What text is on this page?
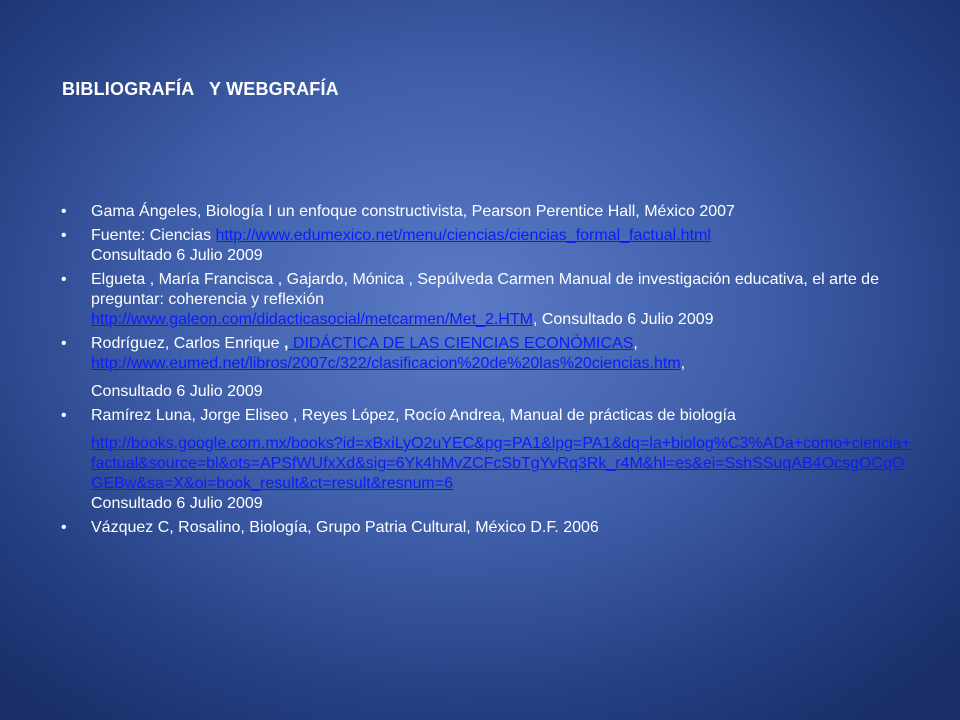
BIBLIOGRAFÍA   Y WEBGRAFÍA
• Gama Ángeles, Biología I un enfoque constructivista, Pearson Perentice Hall, México 2007
• Fuente: Ciencias http://www.edumexico.net/menu/ciencias/ciencias_formal_factual.html
Consultado 6 Julio 2009
• Elgueta , María Francisca , Gajardo, Mónica , Sepúlveda Carmen Manual de investigación educativa, el arte de preguntar: coherencia y reflexión
http://www.galeon.com/didacticasocial/metcarmen/Met_2.HTM, Consultado 6 Julio 2009
• Rodríguez, Carlos Enrique , DIDÁCTICA DE LAS CIENCIAS ECONÓMICAS,
http://www.eumed.net/libros/2007c/322/clasificacion%20de%20las%20ciencias.htm,
Consultado 6 Julio 2009
• Ramírez Luna, Jorge Eliseo , Reyes López, Rocío Andrea, Manual de prácticas de biología
http://books.google.com.mx/books?id=xBxiLyO2uYEC&pg=PA1&lpg=PA1&dq=la+biolog%C3%ADa+como+ciencia+factual&source=bl&ots=APSfWUfxXd&sig=6Yk4hMvZCFcSbTgYvRq3Rk_r4M&hl=es&ei=SshSSuqAB4OcsgOCqOGEBw&sa=X&oi=book_result&ct=result&resnum=6
Consultado 6 Julio 2009
• Vázquez C, Rosalino, Biología, Grupo Patria Cultural, México D.F. 2006
